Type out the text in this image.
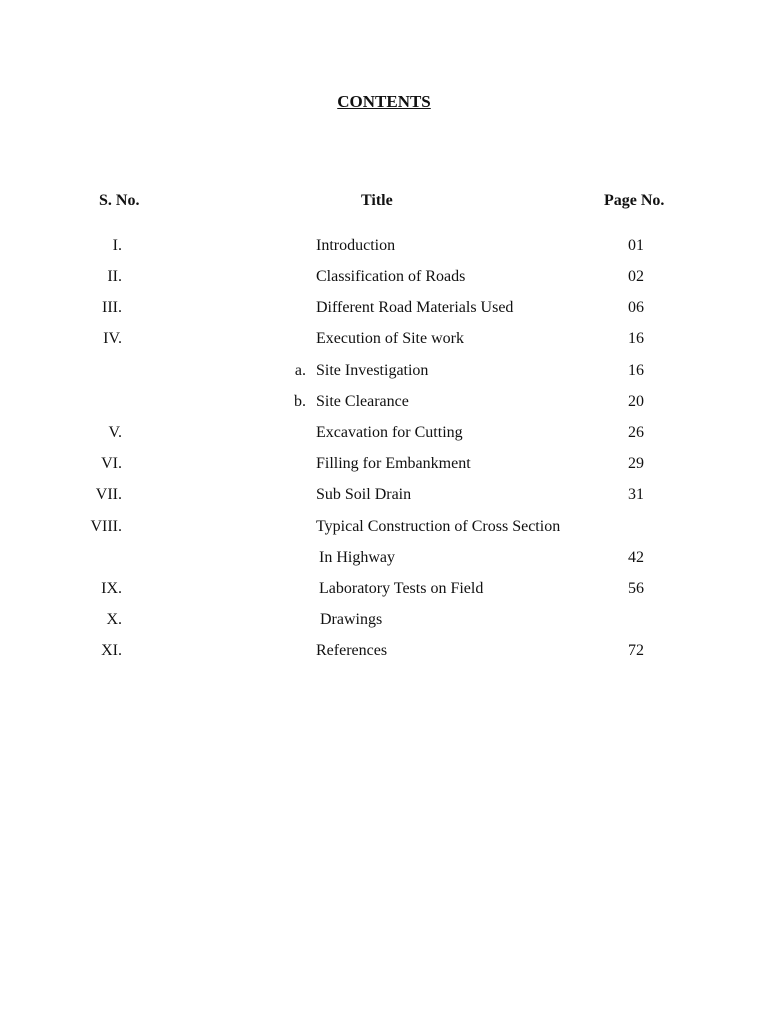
CONTENTS
S. No.	Title	Page No.
I.	Introduction	01
II.	Classification of Roads	02
III.	Different Road Materials Used	06
IV.	Execution of Site work	16
a. Site Investigation	16
b. Site Clearance	20
V.	Excavation for Cutting	26
VI.	Filling for Embankment	29
VII.	Sub Soil Drain	31
VIII.	Typical Construction of Cross Section
In Highway	42
IX.	Laboratory Tests on Field	56
X.	Drawings
XI.	References	72
